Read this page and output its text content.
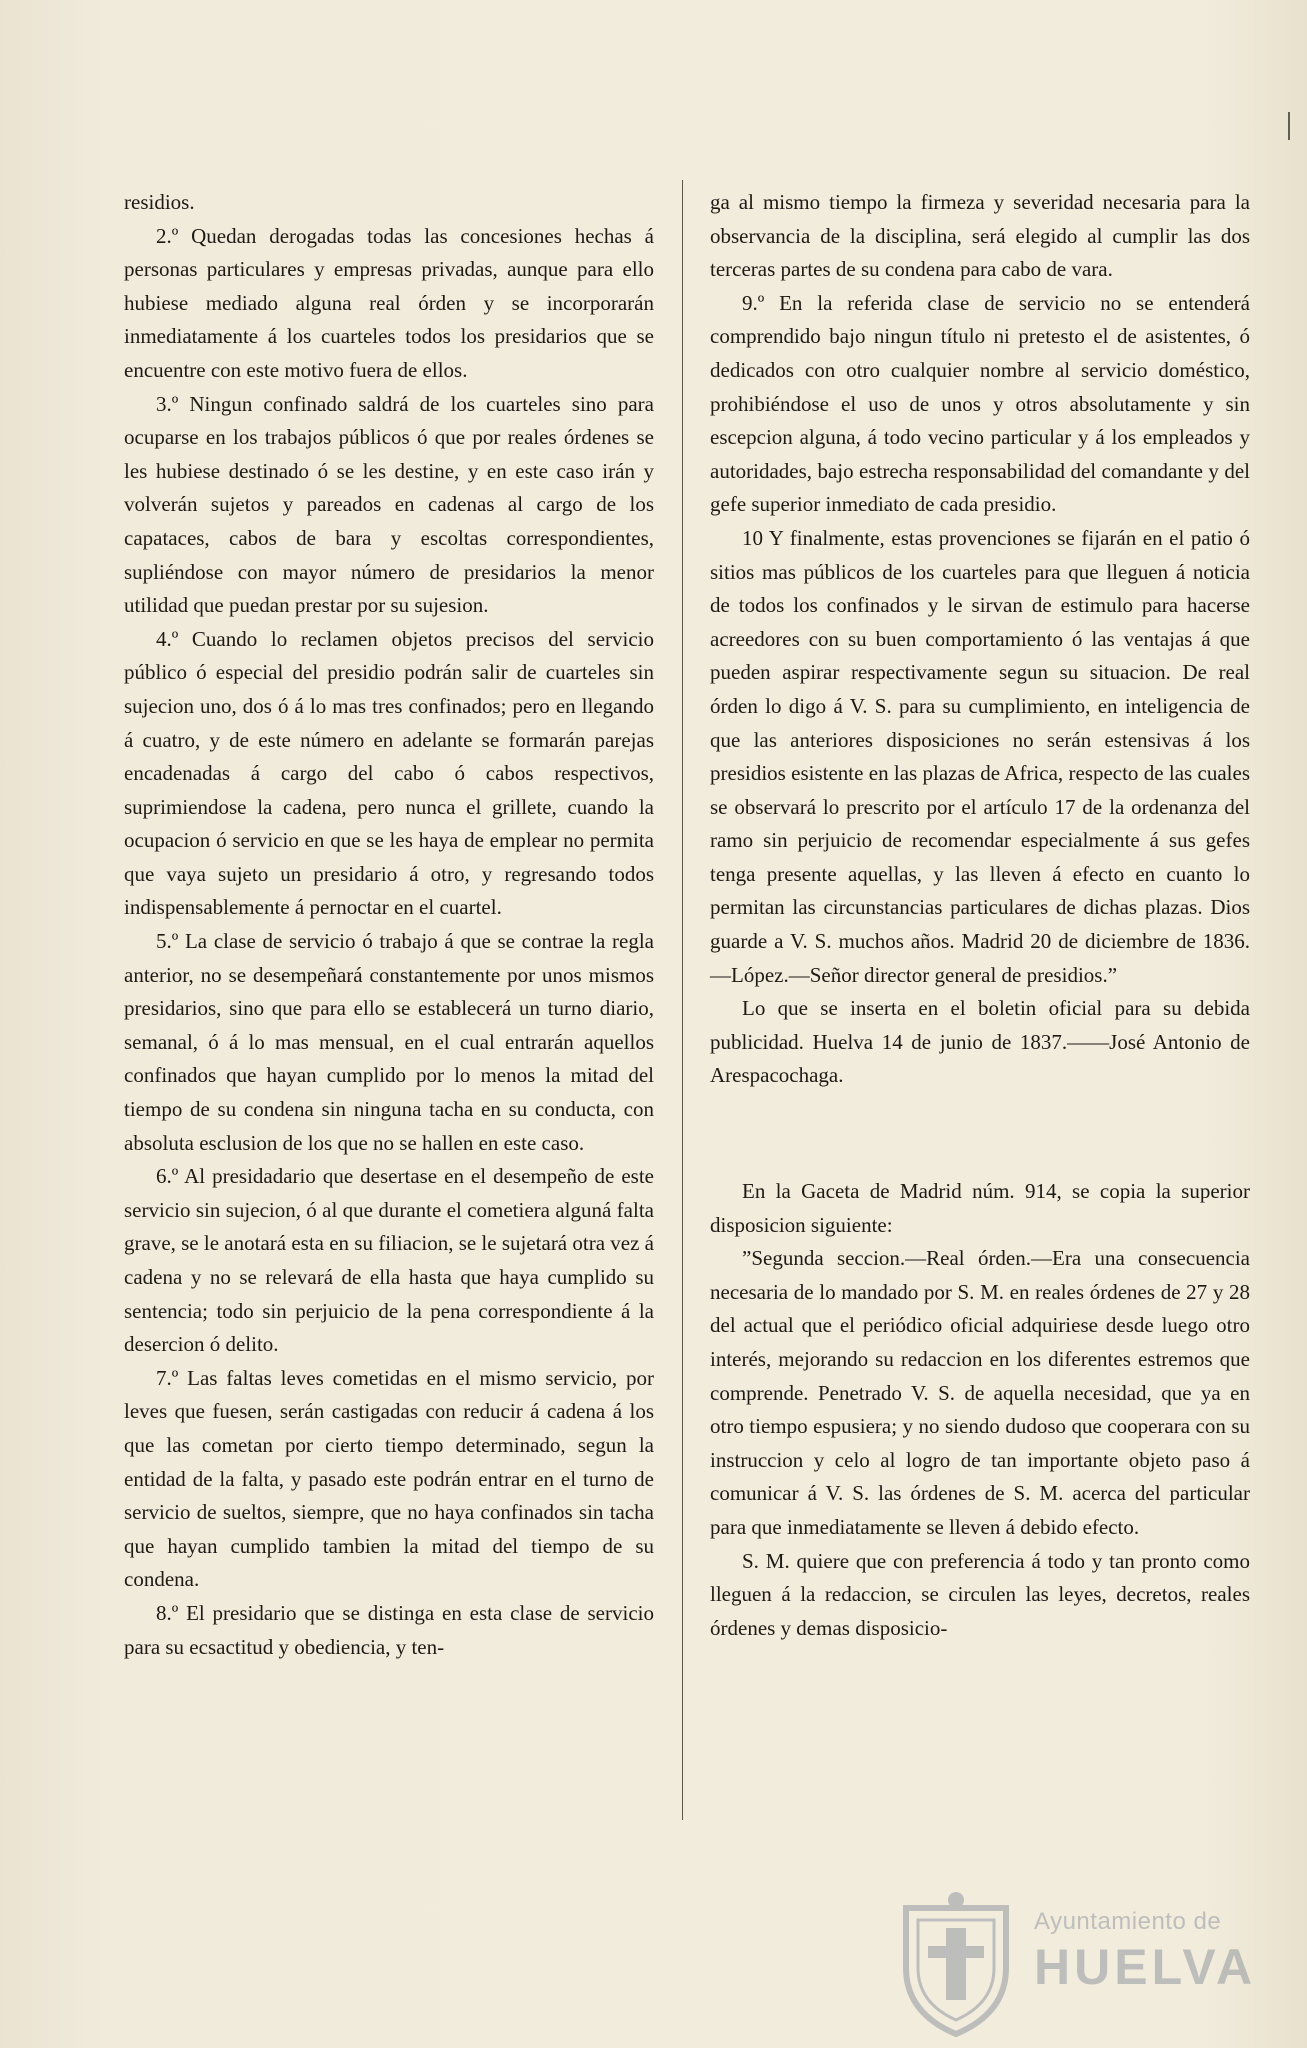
residios.

2.º Quedan derogadas todas las concesiones hechas á personas particulares y empresas privadas, aunque para ello hubiese mediado alguna real órden y se incorporarán inmediatamente á los cuarteles todos los presidarios que se encuentre con este motivo fuera de ellos.

3.º Ningun confinado saldrá de los cuarteles sino para ocuparse en los trabajos públicos ó que por reales órdenes se les hubiese destinado ó se les destine, y en este caso irán y volverán sujetos y pareados en cadenas al cargo de los capataces, cabos de bara y escoltas correspondientes, supliéndose con mayor número de presidarios la menor utilidad que puedan prestar por su sujesion.

4.º Cuando lo reclamen objetos precisos del servicio público ó especial del presidio podrán salir de cuarteles sin sujecion uno, dos ó á lo mas tres confinados; pero en llegando á cuatro, y de este número en adelante se formarán parejas encadenadas á cargo del cabo ó cabos respectivos, suprimiendose la cadena, pero nunca el grillete, cuando la ocupacion ó servicio en que se les haya de emplear no permita que vaya sujeto un presidario á otro, y regresando todos indispensablemente á pernoctar en el cuartel.

5.º La clase de servicio ó trabajo á que se contrae la regla anterior, no se desempeñará constantemente por unos mismos presidarios, sino que para ello se establecerá un turno diario, semanal, ó á lo mas mensual, en el cual entrarán aquellos confinados que hayan cumplido por lo menos la mitad del tiempo de su condena sin ninguna tacha en su conducta, con absoluta esclusion de los que no se hallen en este caso.

6.º Al presidadario que desertase en el desempeño de este servicio sin sujecion, ó al que durante el cometiera alguná falta grave, se le anotará esta en su filiacion, se le sujetará otra vez á cadena y no se relevará de ella hasta que haya cumplido su sentencia; todo sin perjuicio de la pena correspondiente á la desercion ó delito.

7.º Las faltas leves cometidas en el mismo servicio, por leves que fuesen, serán castigadas con reducir á cadena á los que las cometan por cierto tiempo determinado, segun la entidad de la falta, y pasado este podrán entrar en el turno de servicio de sueltos, siempre, que no haya confinados sin tacha que hayan cumplido tambien la mitad del tiempo de su condena.

8.º El presidario que se distinga en esta clase de servicio para su ecsactitud y obediencia, y ten-

ga al mismo tiempo la firmeza y severidad necesaria para la observancia de la disciplina, será elegido al cumplir las dos terceras partes de su condena para cabo de vara.

9.º En la referida clase de servicio no se entenderá comprendido bajo ningun título ni pretesto el de asistentes, ó dedicados con otro cualquier nombre al servicio doméstico, prohibiéndose el uso de unos y otros absolutamente y sin escepcion alguna, á todo vecino particular y á los empleados y autoridades, bajo estrecha responsabilidad del comandante y del gefe superior inmediato de cada presidio.

10 Y finalmente, estas provenciones se fijarán en el patio ó sitios mas públicos de los cuarteles para que lleguen á noticia de todos los confinados y le sirvan de estimulo para hacerse acreedores con su buen comportamiento ó las ventajas á que pueden aspirar respectivamente segun su situacion. De real órden lo digo á V. S. para su cumplimiento, en inteligencia de que las anteriores disposiciones no serán estensivas á los presidios esistente en las plazas de Africa, respecto de las cuales se observará lo prescrito por el artículo 17 de la ordenanza del ramo sin perjuicio de recomendar especialmente á sus gefes tenga presente aquellas, y las lleven á efecto en cuanto lo permitan las circunstancias particulares de dichas plazas. Dios guarde a V. S. muchos años. Madrid 20 de diciembre de 1836.—López.—Señor director general de presidios.”

Lo que se inserta en el boletin oficial para su debida publicidad. Huelva 14 de junio de 1837.——José Antonio de Arespacochaga.

En la Gaceta de Madrid núm. 914, se copia la superior disposicion siguiente:

”Segunda seccion.—Real órden.—Era una consecuencia necesaria de lo mandado por S. M. en reales órdenes de 27 y 28 del actual que el periódico oficial adquiriese desde luego otro interés, mejorando su redaccion en los diferentes estremos que comprende. Penetrado V. S. de aquella necesidad, que ya en otro tiempo espusiera; y no siendo dudoso que cooperara con su instruccion y celo al logro de tan importante objeto paso á comunicar á V. S. las órdenes de S. M. acerca del particular para que inmediatamente se lleven á debido efecto.

S. M. quiere que con preferencia á todo y tan pronto como lleguen á la redaccion, se circulen las leyes, decretos, reales órdenes y demas disposicio-

Ayuntamiento de
HUELVA
